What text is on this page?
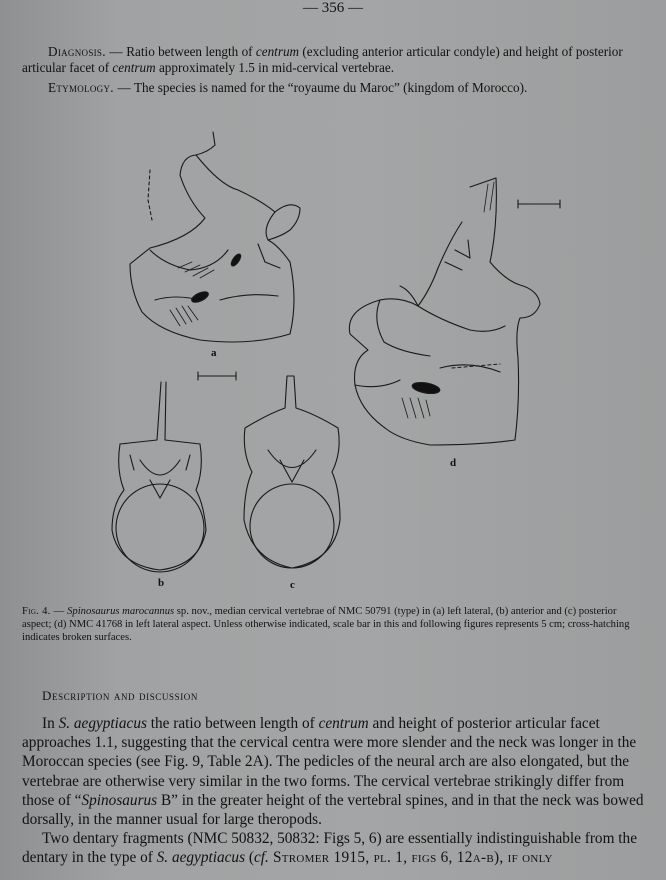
— 356 —
Diagnosis. — Ratio between length of centrum (excluding anterior articular condyle) and height of posterior articular facet of centrum approximately 1.5 in mid-cervical vertebrae.
Etymology. — The species is named for the “royaume du Maroc” (kingdom of Morocco).
a
b	c
d
Fig. 4. — Spinosaurus marocannus sp. nov., median cervical vertebrae of NMC 50791 (type) in (a) left lateral, (b) anterior and (c) posterior aspect; (d) NMC 41768 in left lateral aspect. Unless otherwise indicated, scale bar in this and following figures represents 5 cm; cross-hatching indicates broken surfaces.
Description and discussion

In S. aegyptiacus the ratio between length of centrum and height of posterior articular facet approaches 1.1, suggesting that the cervical centra were more slender and the neck was longer in the Moroccan species (see Fig. 9, Table 2A). The pedicles of the neural arch are also elongated, but the vertebrae are otherwise very similar in the two forms. The cervical vertebrae strikingly differ from those of “Spinosaurus B” in the greater height of the vertebral spines, and in that the neck was bowed dorsally, in the manner usual for large theropods.

Two dentary fragments (NMC 50832, 50832: Figs 5, 6) are essentially indistinguishable from the dentary in the type of S. aegyptiacus (cf. Stromer 1915, pl. 1, figs 6, 12a-b), if only
